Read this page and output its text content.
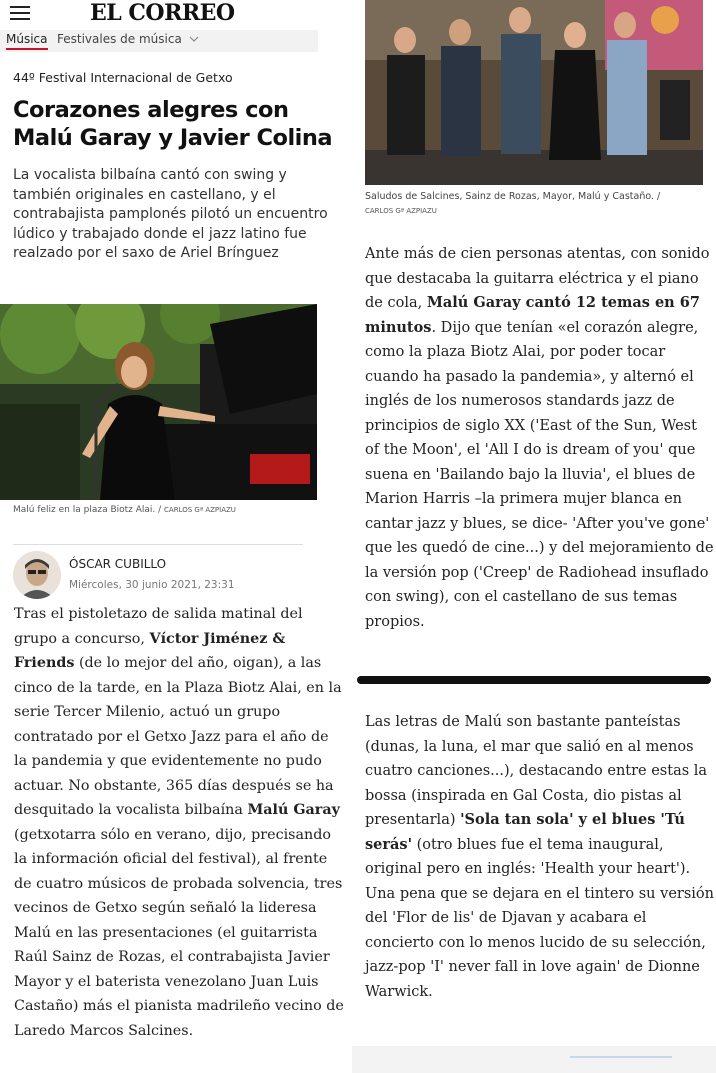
EL CORREO
Música Festivales de música
44º Festival Internacional de Getxo
Corazones alegres con Malú Garay y Javier Colina

La vocalista bilbaína cantó con swing y también originales en castellano, y el contrabajista pamplonés pilotó un encuentro lúdico y trabajado donde el jazz latino fue realzado por el saxo de Ariel Brínguez

Malú feliz en la plaza Biotz Alai. / CARLOS Gª AZPIAZU
ÓSCAR CUBILLO
Miércoles, 30 junio 2021, 23:31

Tras el pistoletazo de salida matinal del grupo a concurso, Víctor Jiménez & Friends (de lo mejor del año, oigan), a las cinco de la tarde, en la Plaza Biotz Alai, en la serie Tercer Milenio, actuó un grupo contratado por el Getxo Jazz para el año de la pandemia y que evidentemente no pudo actuar. No obstante, 365 días después se ha desquitado la vocalista bilbaína Malú Garay (getxotarra sólo en verano, dijo, precisando la información oficial del festival), al frente de cuatro músicos de probada solvencia, tres vecinos de Getxo según señaló la lideresa Malú en las presentaciones (el guitarrista Raúl Sainz de Rozas, el contrabajista Javier Mayor y el baterista venezolano Juan Luis Castaño) más el pianista madrileño vecino de Laredo Marcos Salcines.

Saludos de Salcines, Sainz de Rozas, Mayor, Malú y Castaño. /
CARLOS Gª AZPIAZU

Ante más de cien personas atentas, con sonido que destacaba la guitarra eléctrica y el piano de cola, Malú Garay cantó 12 temas en 67 minutos. Dijo que tenían «el corazón alegre, como la plaza Biotz Alai, por poder tocar cuando ha pasado la pandemia», y alternó el inglés de los numerosos standards jazz de principios de siglo XX ('East of the Sun, West of the Moon', el 'All I do is dream of you' que suena en 'Bailando bajo la lluvia', el blues de Marion Harris –la primera mujer blanca en cantar jazz y blues, se dice- 'After you've gone' que les quedó de cine...) y del mejoramiento de la versión pop ('Creep' de Radiohead insuflado con swing), con el castellano de sus temas propios.

Las letras de Malú son bastante panteístas (dunas, la luna, el mar que salió en al menos cuatro canciones...), destacando entre estas la bossa (inspirada en Gal Costa, dio pistas al presentarla) 'Sola tan sola' y el blues 'Tú serás' (otro blues fue el tema inaugural, original pero en inglés: 'Health your heart'). Una pena que se dejara en el tintero su versión del 'Flor de lis' de Djavan y acabara el concierto con lo menos lucido de su selección, jazz-pop 'I' never fall in love again' de Dionne Warwick.
